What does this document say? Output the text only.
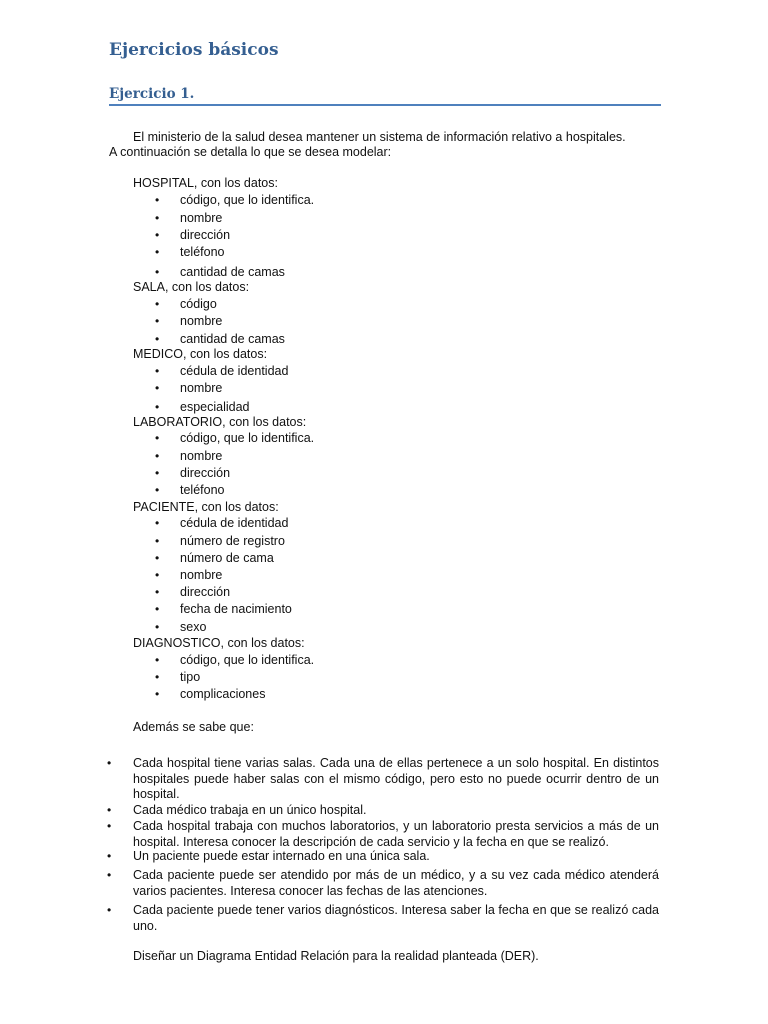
Ejercicios básicos
Ejercicio 1.
El ministerio de la salud desea mantener un sistema de información relativo a hospitales.
A continuación se detalla lo que se desea modelar:
HOSPITAL, con los datos:
• código, que lo identifica.
• nombre
• dirección
• teléfono
• cantidad de camas
SALA, con los datos:
• código
• nombre
• cantidad de camas
MEDICO, con los datos:
• cédula de identidad
• nombre
• especialidad
LABORATORIO, con los datos:
• código, que lo identifica.
• nombre
• dirección
• teléfono
PACIENTE, con los datos:
• cédula de identidad
• número de registro
• número de cama
• nombre
• dirección
• fecha de nacimiento
• sexo
DIAGNOSTICO, con los datos:
• código, que lo identifica.
• tipo
• complicaciones
Además se sabe que:
• Cada hospital tiene varias salas. Cada una de ellas pertenece a un solo hospital. En distintos hospitales puede haber salas con el mismo código, pero esto no puede ocurrir dentro de un hospital.
• Cada médico trabaja en un único hospital.
• Cada hospital trabaja con muchos laboratorios, y un laboratorio presta servicios a más de un hospital. Interesa conocer la descripción de cada servicio y la fecha en que se realizó.
• Un paciente puede estar internado en una única sala.
• Cada paciente puede ser atendido por más de un médico, y a su vez cada médico atenderá varios pacientes. Interesa conocer las fechas de las atenciones.
• Cada paciente puede tener varios diagnósticos. Interesa saber la fecha en que se realizó cada uno.
Diseñar un Diagrama Entidad Relación para la realidad planteada (DER).
